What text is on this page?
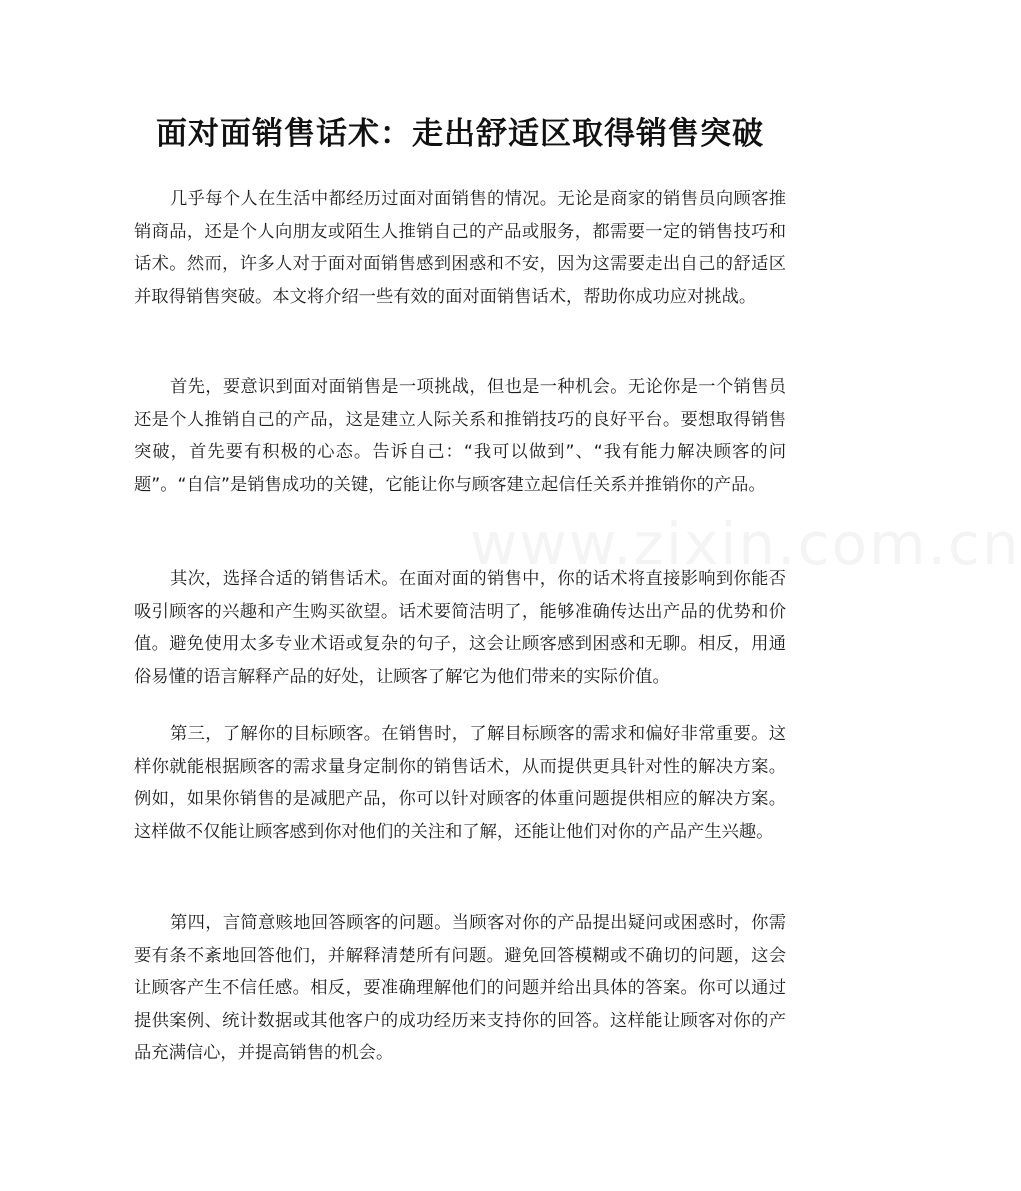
面对面销售话术：走出舒适区取得销售突破
www.zixin.com.cn

几乎每个人在生活中都经历过面对面销售的情况。无论是商家的销售员向顾客推销商品，还是个人向朋友或陌生人推销自己的产品或服务，都需要一定的销售技巧和话术。然而，许多人对于面对面销售感到困惑和不安，因为这需要走出自己的舒适区并取得销售突破。本文将介绍一些有效的面对面销售话术，帮助你成功应对挑战。

首先，要意识到面对面销售是一项挑战，但也是一种机会。无论你是一个销售员还是个人推销自己的产品，这是建立人际关系和推销技巧的良好平台。要想取得销售突破，首先要有积极的心态。告诉自己：“我可以做到”、“我有能力解决顾客的问题”。“自信”是销售成功的关键，它能让你与顾客建立起信任关系并推销你的产品。

其次，选择合适的销售话术。在面对面的销售中，你的话术将直接影响到你能否吸引顾客的兴趣和产生购买欲望。话术要简洁明了，能够准确传达出产品的优势和价值。避免使用太多专业术语或复杂的句子，这会让顾客感到困惑和无聊。相反，用通俗易懂的语言解释产品的好处，让顾客了解它为他们带来的实际价值。

第三，了解你的目标顾客。在销售时，了解目标顾客的需求和偏好非常重要。这样你就能根据顾客的需求量身定制你的销售话术，从而提供更具针对性的解决方案。例如，如果你销售的是减肥产品，你可以针对顾客的体重问题提供相应的解决方案。这样做不仅能让顾客感到你对他们的关注和了解，还能让他们对你的产品产生兴趣。

第四，言简意赅地回答顾客的问题。当顾客对你的产品提出疑问或困惑时，你需要有条不紊地回答他们，并解释清楚所有问题。避免回答模糊或不确切的问题，这会让顾客产生不信任感。相反，要准确理解他们的问题并给出具体的答案。你可以通过提供案例、统计数据或其他客户的成功经历来支持你的回答。这样能让顾客对你的产品充满信心，并提高销售的机会。
